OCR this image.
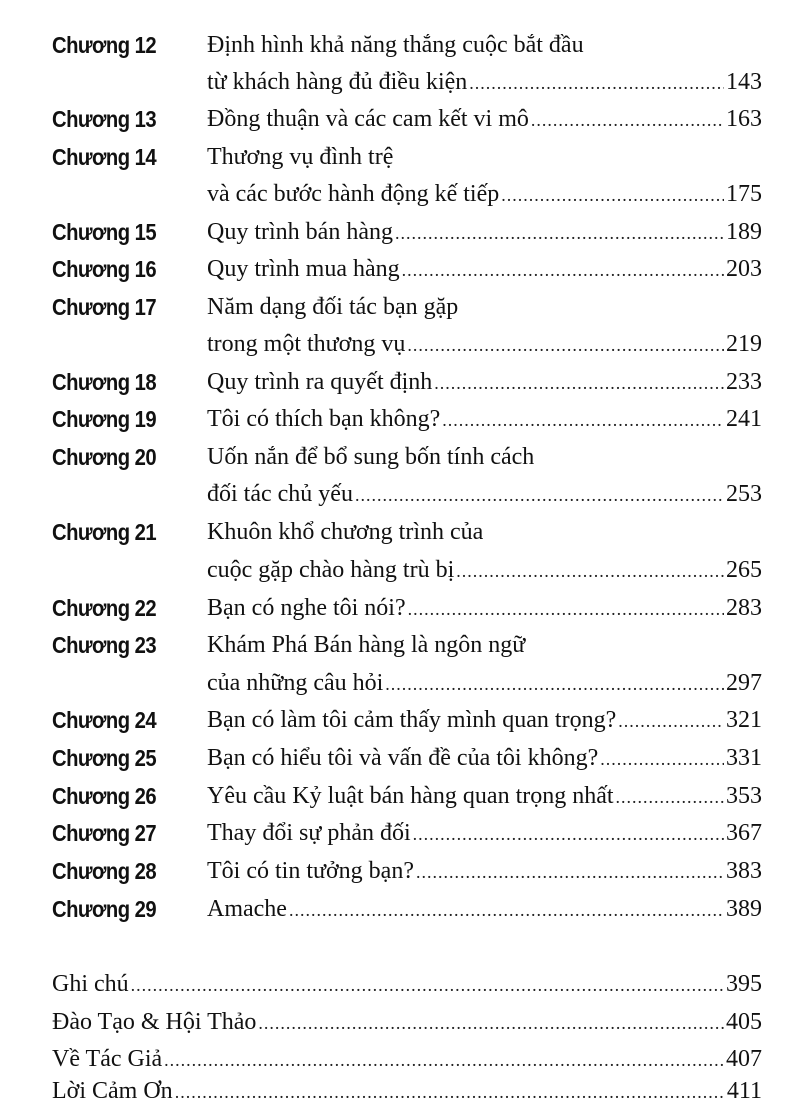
Chương 12 Định hình khả năng thắng cuộc bắt đầu
từ khách hàng đủ điều kiện .....	143
Chương 13 Đồng thuận và các cam kết vi mô .....	163
Chương 14 Thương vụ đình trệ
và các bước hành động kế tiếp .....	175
Chương 15 Quy trình bán hàng .....	189
Chương 16 Quy trình mua hàng .....	203
Chương 17 Năm dạng đối tác bạn gặp
trong một thương vụ .....	219
Chương 18 Quy trình ra quyết định .....	233
Chương 19 Tôi có thích bạn không? .....	241
Chương 20 Uốn nắn để bổ sung bốn tính cách
đối tác chủ yếu .....	253
Chương 21 Khuôn khổ chương trình của
cuộc gặp chào hàng trù bị .....	265
Chương 22 Bạn có nghe tôi nói? .....	283
Chương 23 Khám Phá Bán hàng là ngôn ngữ
của những câu hỏi .....	297
Chương 24 Bạn có làm tôi cảm thấy mình quan trọng? .....	321
Chương 25 Bạn có hiểu tôi và vấn đề của tôi không? .....	331
Chương 26 Yêu cầu Kỷ luật bán hàng quan trọng nhất .....	353
Chương 27 Thay đổi sự phản đối .....	367
Chương 28 Tôi có tin tưởng bạn? .....	383
Chương 29 Amache .....	389
Ghi chú .....	395
Đào Tạo & Hội Thảo .....	405
Về Tác Giả .....	407
Lời Cảm Ơn .....	411
